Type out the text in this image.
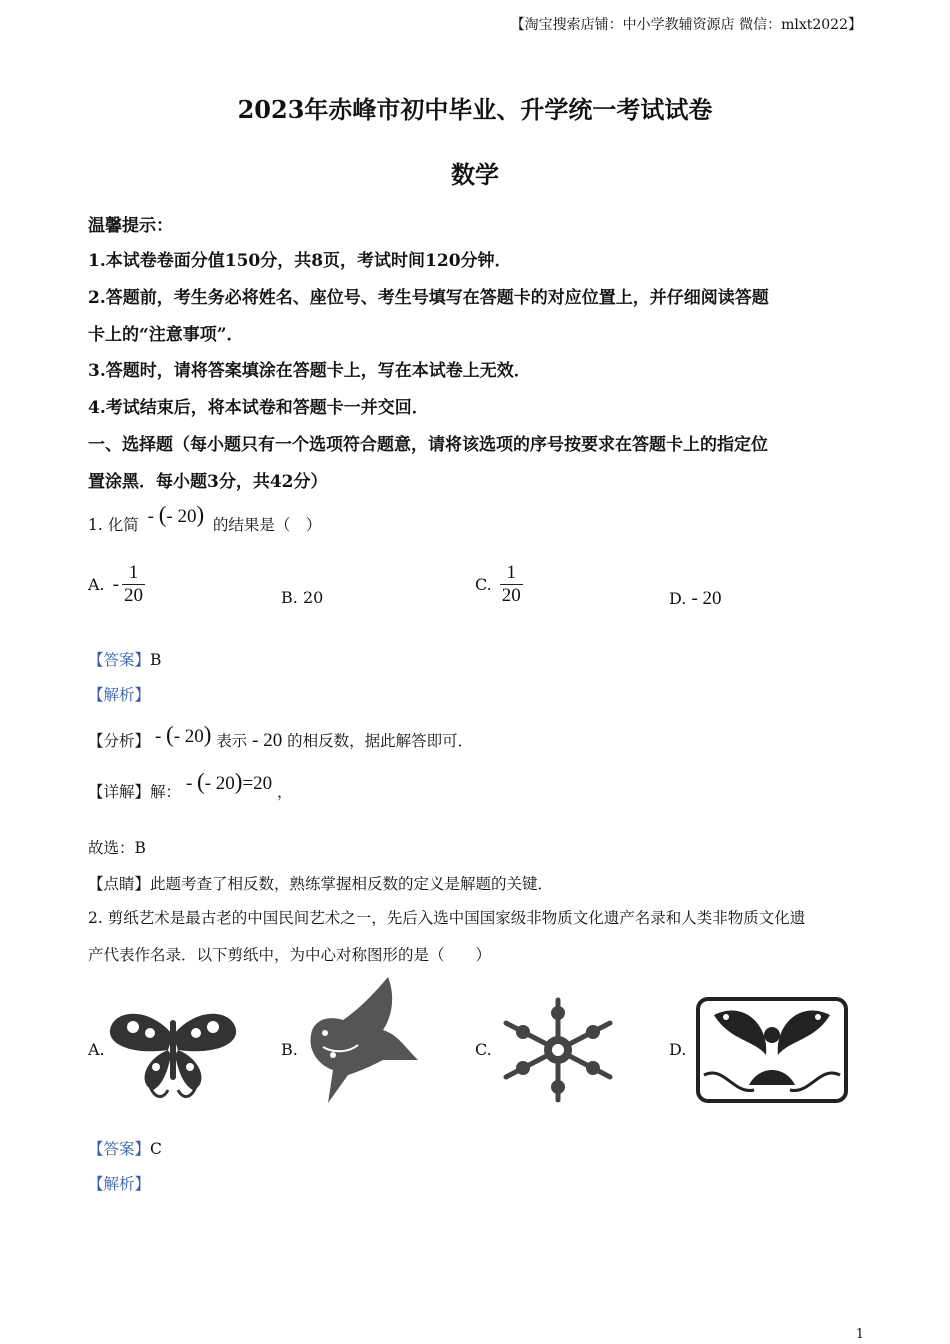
【淘宝搜索店铺：中小学教辅资源店 微信：mlxt2022】
2023年赤峰市初中毕业、升学统一考试试卷
数学
温馨提示：
1.本试卷卷面分值150分，共8页，考试时间120分钟．
2.答题前，考生务必将姓名、座位号、考生号填写在答题卡的对应位置上，并仔细阅读答题
卡上的“注意事项”．
3.答题时，请将答案填涂在答题卡上，写在本试卷上无效．
4.考试结束后，将本试卷和答题卡一并交回．
一、选择题（每小题只有一个选项符合题意，请将该选项的序号按要求在答题卡上的指定位
置涂黑．每小题3分，共42分）
1. 化简 - (- 20) 的结果是（　）
A. - $\frac{1}{20}$	B. 20
C. $\frac{1}{20}$	D. - 20
【答案】B
【解析】
【分析】 - (- 20) 表示 - 20 的相反数，据此解答即可．
【详解】解： - (- 20)=20 ，
故选：B
【点睛】此题考查了相反数，熟练掌握相反数的定义是解题的关键．
2. 剪纸艺术是最古老的中国民间艺术之一，先后入选中国国家级非物质文化遗产名录和人类非物质文化遗
产代表作名录．以下剪纸中，为中心对称图形的是（　　）
A.	B.	C.	D.
【答案】C
【解析】
1
